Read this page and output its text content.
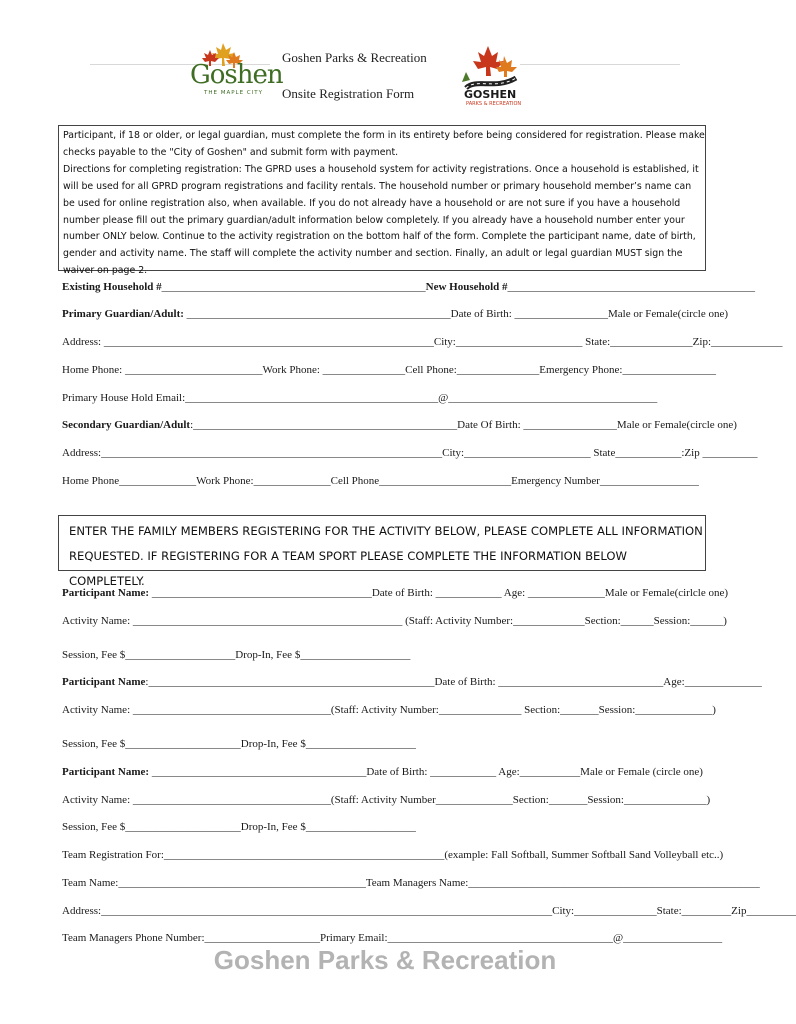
Goshen
THE MAPLE CITY
Goshen Parks & Recreation
Onsite Registration Form	GOSHEN
PARKS & RECREATION

Participant, if 18 or older, or legal guardian, must complete the form in its entirety before being considered for registration. Please make checks payable to the "City of Goshen" and submit form with payment.

Directions for completing registration: The GPRD uses a household system for activity registrations. Once a household is established, it will be used for all GPRD program registrations and facility rentals. The household number or primary household member’s name can be used for online registration also, when available. If you do not already have a household or are not sure if you have a household number please fill out the primary guardian/adult information below completely. If you already have a household number enter your number ONLY below. Continue to the activity registration on the bottom half of the form. Complete the participant name, date of birth, gender and activity name. The staff will complete the activity number and section. Finally, an adult or legal guardian MUST sign the waiver on page 2.

Existing Household #________________________________________________New Household #_____________________________________________
Primary Guardian/Adult: ________________________________________________Date of Birth: _________________Male or Female(circle one)
Address: ____________________________________________________________City:_______________________ State:_______________Zip:_____________
Home Phone: _________________________Work Phone: _______________Cell Phone:_______________Emergency Phone:_________________
Primary House Hold Email:______________________________________________@______________________________________
Secondary Guardian/Adult:________________________________________________Date Of Birth: _________________Male or Female(circle one)
Address:______________________________________________________________City:_______________________ State____________:Zip __________
Home Phone______________Work Phone:______________Cell Phone________________________Emergency Number__________________
ENTER THE FAMILY MEMBERS REGISTERING FOR THE ACTIVITY BELOW, PLEASE COMPLETE ALL INFORMATION
REQUESTED. IF REGISTERING FOR A TEAM SPORT PLEASE COMPLETE THE INFORMATION BELOW COMPLETELY.
Participant Name: ________________________________________Date of Birth: ____________ Age: ______________Male or Female(cirlcle one)
Activity Name: _________________________________________________ (Staff: Activity Number:_____________Section:______Session:______)
Session, Fee $____________________Drop-In, Fee $____________________
Participant Name:____________________________________________________Date of Birth: ______________________________Age:______________
Activity Name: ____________________________________(Staff: Activity Number:_______________ Section:_______Session:______________)
Session, Fee $_____________________Drop-In, Fee $____________________
Participant Name: _______________________________________Date of Birth: ____________ Age:___________Male or Female (circle one)
Activity Name: ____________________________________(Staff: Activity Number______________Section:_______Session:_______________)
Session, Fee $_____________________Drop-In, Fee $____________________
Team Registration For:___________________________________________________(example: Fall Softball, Summer Softball Sand Volleyball etc..)
Team Name:_____________________________________________Team Managers Name:_____________________________________________________
Address:__________________________________________________________________________________City:_______________State:_________Zip_________
Team Managers Phone Number:_____________________Primary Email:_________________________________________@__________________
Goshen Parks & Recreation
